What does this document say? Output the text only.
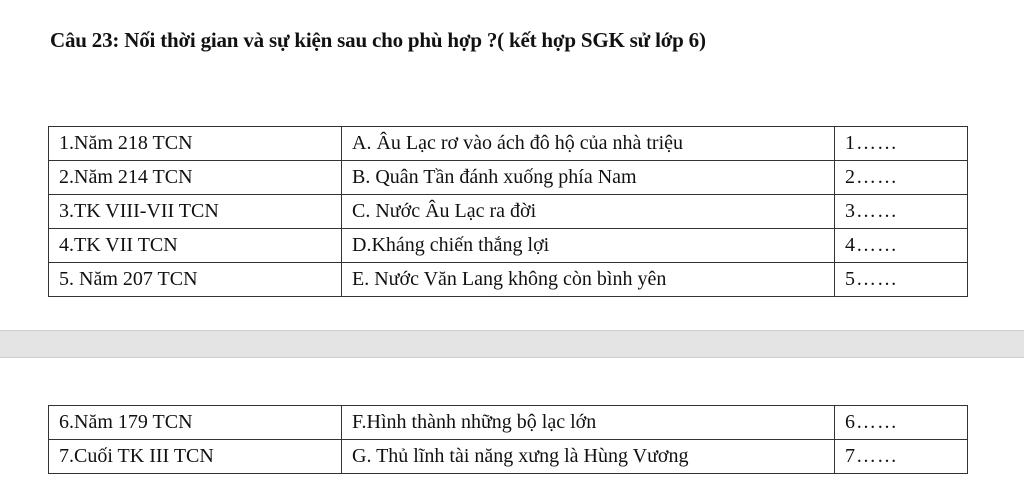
Câu 23: Nối thời gian và sự kiện sau cho phù hợp ?( kết hợp SGK sử lớp 6)
1.Năm 218 TCN	A. Âu Lạc rơ vào ách đô hộ của nhà triệu	1……
2.Năm 214 TCN	B. Quân Tần đánh xuống phía Nam	2……
3.TK VIII-VII TCN	C. Nước Âu Lạc ra đời	3……
4.TK VII TCN	D.Kháng chiến thắng lợi	4……
5. Năm 207 TCN	E. Nước Văn Lang không còn bình yên	5……
6.Năm 179 TCN	F.Hình thành những bộ lạc lớn	6……
7.Cuối TK III TCN	G. Thủ lĩnh tài năng xưng là Hùng Vương	7……
